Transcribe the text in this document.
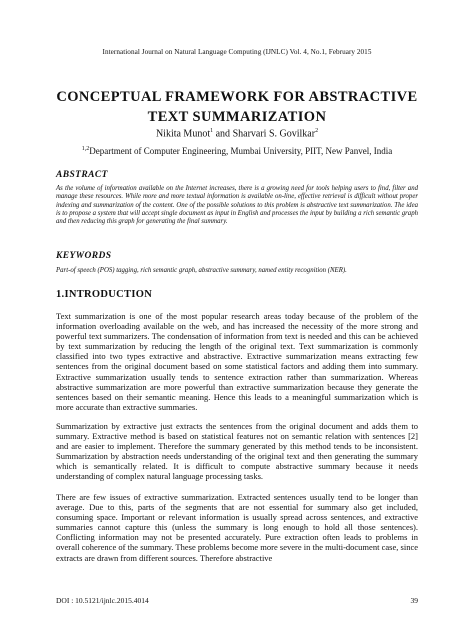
International Journal on Natural Language Computing (IJNLC) Vol. 4, No.1, February 2015
CONCEPTUAL FRAMEWORK FOR ABSTRACTIVE
TEXT SUMMARIZATION
Nikita Munot$^1$ and Sharvari S. Govilkar$^2$
$^{1,2}$Department of Computer Engineering, Mumbai University, PIIT, New Panvel, India
ABSTRACT
As the volume of information available on the Internet increases, there is a growing need for tools helping users to find, filter and manage these resources. While more and more textual information is available on-line, effective retrieval is difficult without proper indexing and summarization of the content. One of the possible solutions to this problem is abstractive text summarization. The idea is to propose a system that will accept single document as input in English and processes the input by building a rich semantic graph and then reducing this graph for generating the final summary.
KEYWORDS
Part-of speech (POS) tagging, rich semantic graph, abstractive summary, named entity recognition (NER).
1.INTRODUCTION
Text summarization is one of the most popular research areas today because of the problem of the information overloading available on the web, and has increased the necessity of the more strong and powerful text summarizers. The condensation of information from text is needed and this can be achieved by text summarization by reducing the length of the original text. Text summarization is commonly classified into two types extractive and abstractive. Extractive summarization means extracting few sentences from the original document based on some statistical factors and adding them into summary. Extractive summarization usually tends to sentence extraction rather than summarization. Whereas abstractive summarization are more powerful than extractive summarization because they generate the sentences based on their semantic meaning. Hence this leads to a meaningful summarization which is more accurate than extractive summaries.
Summarization by extractive just extracts the sentences from the original document and adds them to summary. Extractive method is based on statistical features not on semantic relation with sentences [2] and are easier to implement. Therefore the summary generated by this method tends to be inconsistent. Summarization by abstraction needs understanding of the original text and then generating the summary which is semantically related. It is difficult to compute abstractive summary because it needs understanding of complex natural language processing tasks.
There are few issues of extractive summarization. Extracted sentences usually tend to be longer than average. Due to this, parts of the segments that are not essential for summary also get included, consuming space. Important or relevant information is usually spread across sentences, and extractive summaries cannot capture this (unless the summary is long enough to hold all those sentences). Conflicting information may not be presented accurately. Pure extraction often leads to problems in overall coherence of the summary. These problems become more severe in the multi-document case, since extracts are drawn from different sources. Therefore abstractive
DOI : 10.5121/ijnlc.2015.4014	39
